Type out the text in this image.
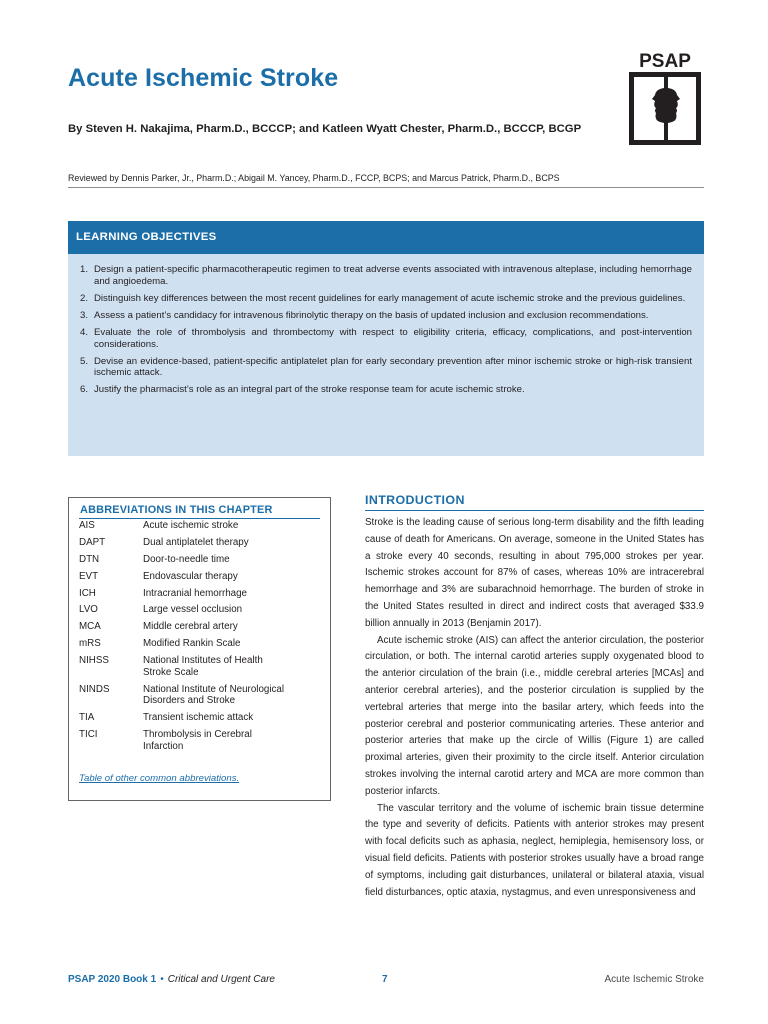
Acute Ischemic Stroke

By Steven H. Nakajima, Pharm.D., BCCCP; and Katleen Wyatt Chester, Pharm.D., BCCCP, BCGP

PSAP

Reviewed by Dennis Parker, Jr., Pharm.D.; Abigail M. Yancey, Pharm.D., FCCP, BCPS; and Marcus Patrick, Pharm.D., BCPS

LEARNING OBJECTIVES
1. Design a patient-specific pharmacotherapeutic regimen to treat adverse events associated with intravenous alteplase, including hemorrhage and angioedema.
2. Distinguish key differences between the most recent guidelines for early management of acute ischemic stroke and the previous guidelines.
3. Assess a patient’s candidacy for intravenous fibrinolytic therapy on the basis of updated inclusion and exclusion recommendations.
4. Evaluate the role of thrombolysis and thrombectomy with respect to eligibility criteria, efficacy, complications, and post-intervention considerations.
5. Devise an evidence-based, patient-specific antiplatelet plan for early secondary prevention after minor ischemic stroke or high-risk transient ischemic attack.
6. Justify the pharmacist’s role as an integral part of the stroke response team for acute ischemic stroke.
ABBREVIATIONS IN THIS CHAPTER
AIS	Acute ischemic stroke
DAPT	Dual antiplatelet therapy
DTN	Door-to-needle time
EVT	Endovascular therapy
ICH	Intracranial hemorrhage
LVO	Large vessel occlusion
MCA	Middle cerebral artery
mRS	Modified Rankin Scale
NIHSS	National Institutes of Health
Stroke Scale
NINDS	National Institute of Neurological
Disorders and Stroke
TIA	Transient ischemic attack
TICI	Thrombolysis in Cerebral
Infarction
Table of other common abbreviations.
INTRODUCTION

Stroke is the leading cause of serious long-term disability and the fifth leading cause of death for Americans. On average, someone in the United States has a stroke every 40 seconds, resulting in about 795,000 strokes per year. Ischemic strokes account for 87% of cases, whereas 10% are intracerebral hemorrhage and 3% are subarachnoid hemorrhage. The burden of stroke in the United States resulted in direct and indirect costs that averaged $33.9 billion annually in 2013 (Benjamin 2017).

Acute ischemic stroke (AIS) can affect the anterior circulation, the posterior circulation, or both. The internal carotid arteries supply oxygenated blood to the anterior circulation of the brain (i.e., middle cerebral arteries [MCAs] and anterior cerebral arteries), and the posterior circulation is supplied by the vertebral arteries that merge into the basilar artery, which feeds into the posterior cerebral and posterior communicating arteries. These anterior and posterior arteries that make up the circle of Willis (Figure 1) are called proximal arteries, given their proximity to the circle itself. Anterior circulation strokes involving the internal carotid artery and MCA are more common than posterior infarcts.

The vascular territory and the volume of ischemic brain tissue determine the type and severity of deficits. Patients with anterior strokes may present with focal deficits such as aphasia, neglect, hemiplegia, hemisensory loss, or visual field deficits. Patients with posterior strokes usually have a broad range of symptoms, including gait disturbances, unilateral or bilateral ataxia, visual field disturbances, optic ataxia, nystagmus, and even unresponsiveness and

PSAP 2020 Book 1 • Critical and Urgent Care	7	Acute Ischemic Stroke
